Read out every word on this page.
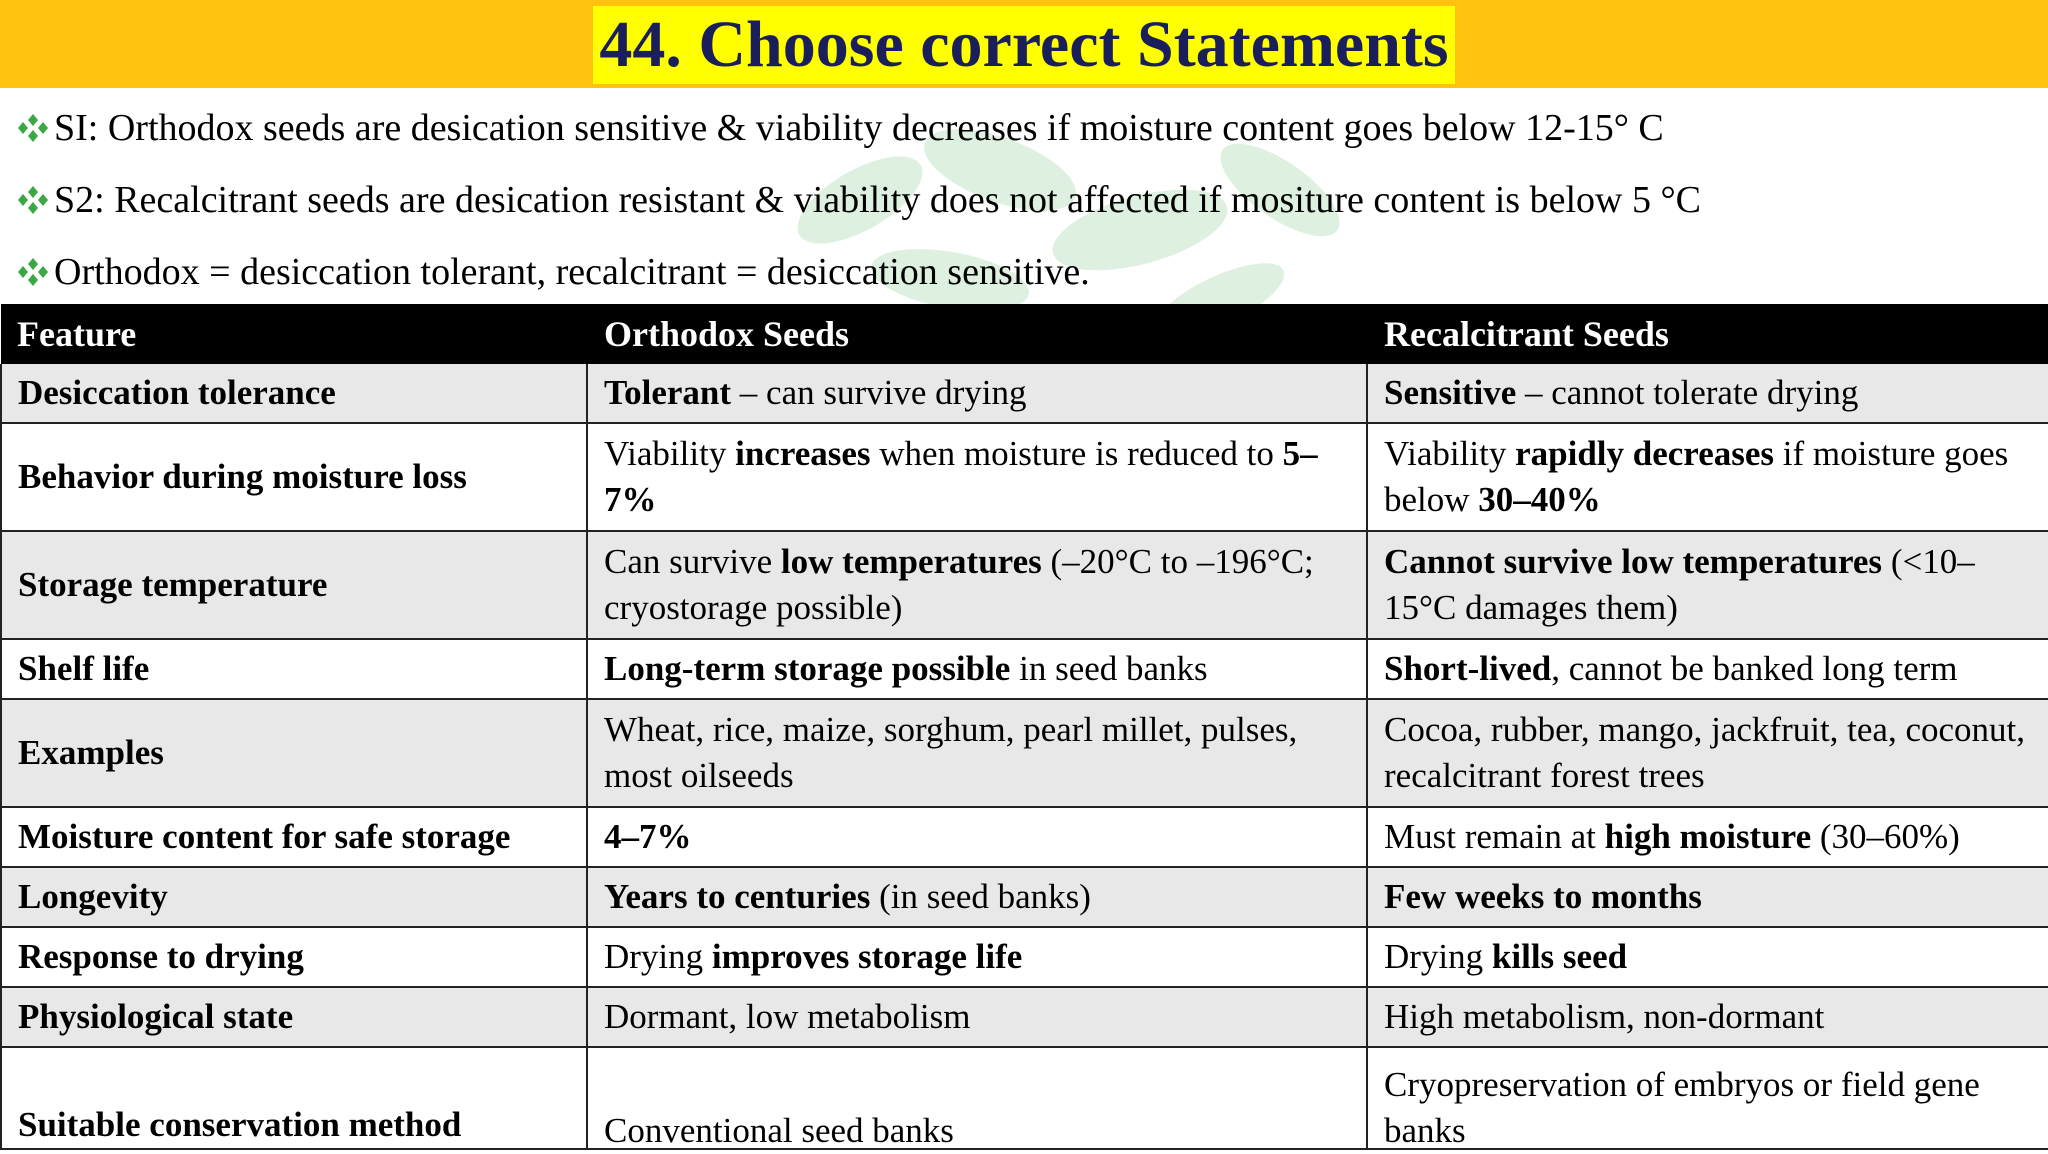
44. Choose correct Statements
SI: Orthodox seeds are desication sensitive & viability decreases if moisture content goes below 12-15° C
S2: Recalcitrant seeds are desication resistant & viability does not affected if mositure content is below 5 °C
Orthodox = desiccation tolerant, recalcitrant = desiccation sensitive.
Feature	Orthodox Seeds	Recalcitrant Seeds
Desiccation tolerance	Tolerant – can survive drying	Sensitive – cannot tolerate drying

Behavior during moisture loss	Viability increases when moisture is reduced to 5–7%	Viability rapidly decreases if moisture goes below 30–40%

Storage temperature	Can survive low temperatures (–20°C to –196°C; cryostorage possible)	Cannot survive low temperatures (<10–15°C damages them)

Shelf life	Long-term storage possible in seed banks	Short-lived, cannot be banked long term

Examples	Wheat, rice, maize, sorghum, pearl millet, pulses, most oilseeds	Cocoa, rubber, mango, jackfruit, tea, coconut, recalcitrant forest trees

Moisture content for safe storage	4–7%	Must remain at high moisture (30–60%)

Longevity	Years to centuries (in seed banks)	Few weeks to months

Response to drying	Drying improves storage life	Drying kills seed

Physiological state	Dormant, low metabolism	High metabolism, non-dormant

Suitable conservation method	Conventional seed banks	Cryopreservation of embryos or field gene banks
